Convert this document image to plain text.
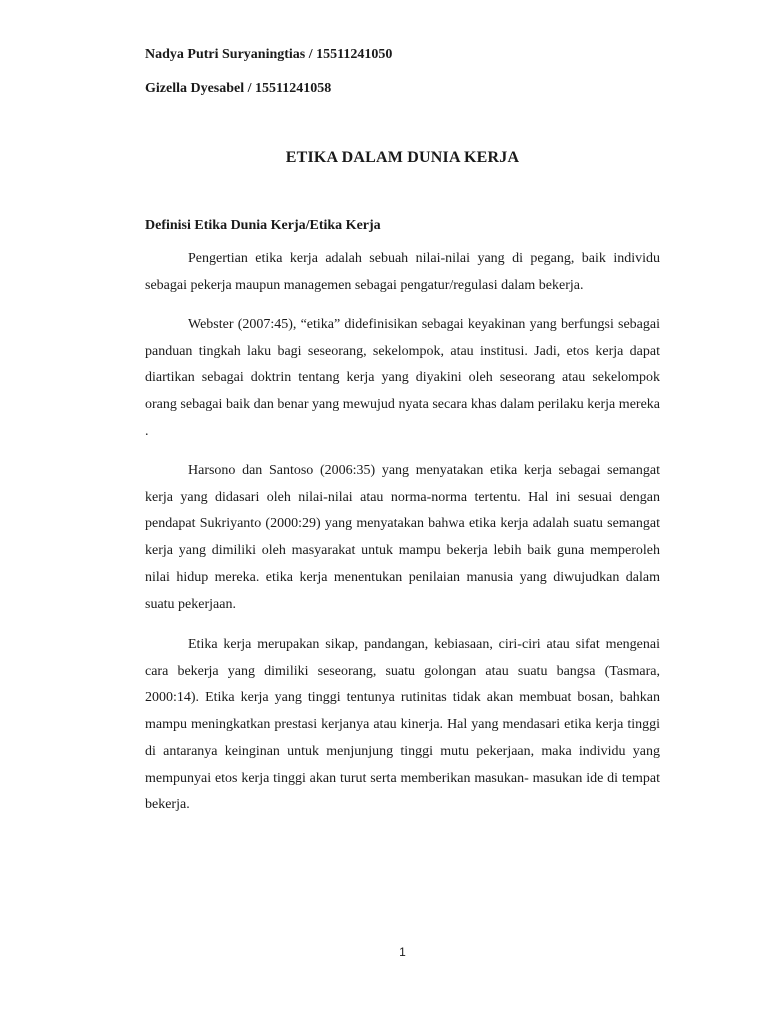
Nadya Putri Suryaningtias / 15511241050
Gizella Dyesabel / 15511241058
ETIKA DALAM DUNIA KERJA
Definisi Etika Dunia Kerja/Etika Kerja

Pengertian etika kerja adalah sebuah nilai-nilai yang di pegang, baik individu sebagai pekerja maupun managemen sebagai pengatur/regulasi dalam bekerja.

Webster (2007:45), “etika” didefinisikan sebagai keyakinan yang berfungsi sebagai panduan tingkah laku bagi seseorang, sekelompok, atau institusi. Jadi, etos kerja dapat diartikan sebagai doktrin tentang kerja yang diyakini oleh seseorang atau sekelompok orang sebagai baik dan benar yang mewujud nyata secara khas dalam perilaku kerja mereka .

Harsono dan Santoso (2006:35) yang menyatakan etika kerja sebagai semangat kerja yang didasari oleh nilai-nilai atau norma-norma tertentu. Hal ini sesuai dengan pendapat Sukriyanto (2000:29) yang menyatakan bahwa etika kerja adalah suatu semangat kerja yang dimiliki oleh masyarakat untuk mampu bekerja lebih baik guna memperoleh nilai hidup mereka. etika kerja menentukan penilaian manusia yang diwujudkan dalam suatu pekerjaan.

Etika kerja merupakan sikap, pandangan, kebiasaan, ciri-ciri atau sifat mengenai cara bekerja yang dimiliki seseorang, suatu golongan atau suatu bangsa (Tasmara, 2000:14). Etika kerja yang tinggi tentunya rutinitas tidak akan membuat bosan, bahkan mampu meningkatkan prestasi kerjanya atau kinerja. Hal yang mendasari etika kerja tinggi di antaranya keinginan untuk menjunjung tinggi mutu pekerjaan, maka individu yang mempunyai etos kerja tinggi akan turut serta memberikan masukan- masukan ide di tempat bekerja.

1
